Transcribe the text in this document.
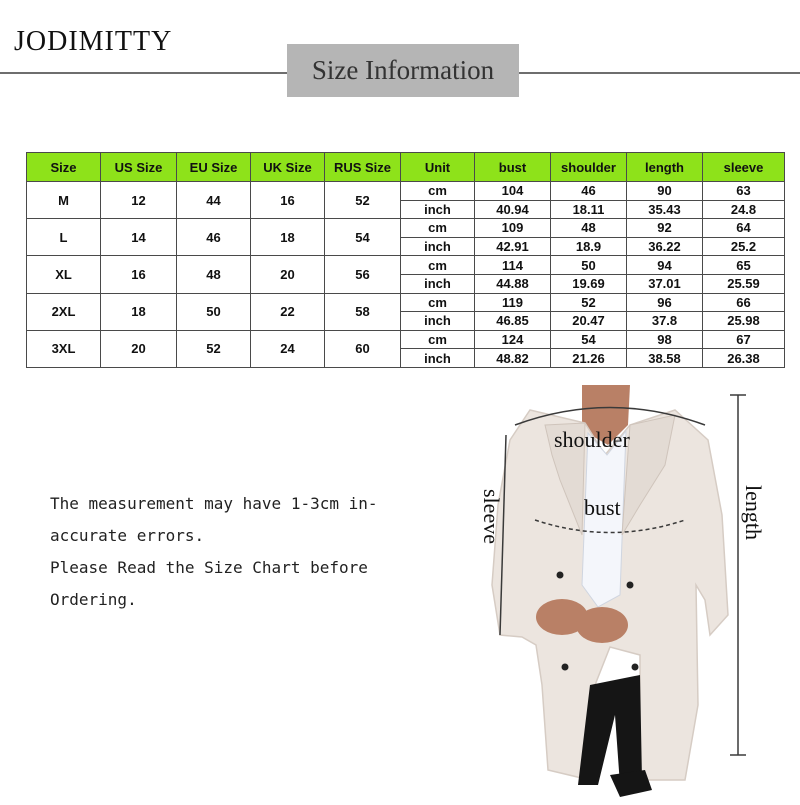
JODIMITTY
Size Information
Size	US Size	EU Size	UK Size	RUS Size	Unit	bust	shoulder	length	sleeve
M	12	44	16	52	cm	104	46	90	63
					inch	40.94	18.11	35.43	24.8
L	14	46	18	54	cm	109	48	92	64
					inch	42.91	18.9	36.22	25.2
XL	16	48	20	56	cm	114	50	94	65
					inch	44.88	19.69	37.01	25.59
2XL	18	50	22	58	cm	119	52	96	66
					inch	46.85	20.47	37.8	25.98
3XL	20	52	24	60	cm	124	54	98	67
					inch	48.82	21.26	38.58	26.38
The measurement may have 1-3cm in-
accurate errors.
Please Read the Size Chart before
Ordering.
shoulder
bust	length
sleeve
